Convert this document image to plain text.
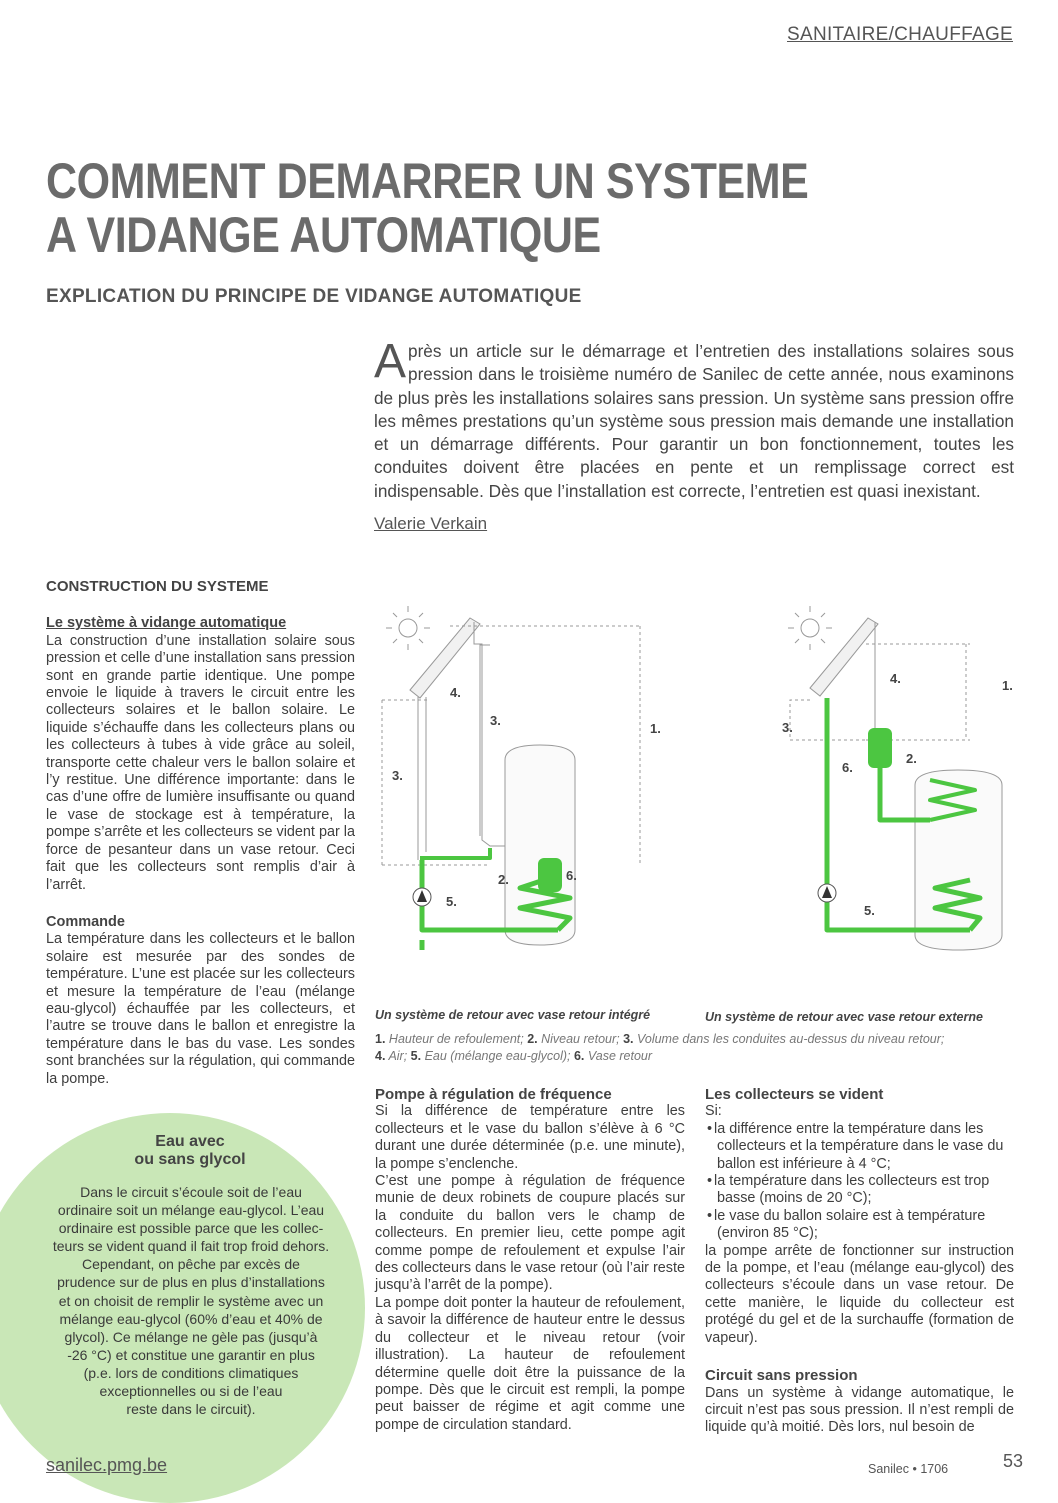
SANITAIRE/CHAUFFAGE
COMMENT DEMARRER UN SYSTEME
A VIDANGE AUTOMATIQUE
EXPLICATION DU PRINCIPE DE VIDANGE AUTOMATIQUE

Après un article sur le démarrage et l’entretien des installations solaires sous pression dans le troisième numéro de Sanilec de cette année, nous examinons de plus près les installations solaires sans pression. Un système sans pression offre les mêmes prestations qu’un système sous pression mais demande une installation et un démarrage différents. Pour garantir un bon fonctionnement, toutes les conduites doivent être placées en pente et un remplissage correct est indispensable. Dès que l’installation est correcte, l’entretien est quasi inexistant.

Valerie Verkain
CONSTRUCTION DU SYSTEME
Le système à vidange automatique

La construction d’une installation solaire sous pression et celle d’une installation sans pression sont en grande partie identique. Une pompe envoie le liquide à travers le circuit entre les collecteurs solaires et le ballon solaire. Le liquide s’échauffe dans les collecteurs plans ou les collecteurs à tubes à vide grâce au soleil, transporte cette chaleur vers le ballon solaire et l’y restitue. Une différence importante: dans le cas d’une offre de lumière insuffisante ou quand le vase de stockage est à température, la pompe s’arrête et les collecteurs se vident par la force de pesanteur dans un vase retour. Ceci fait que les collecteurs sont remplis d’air à l’arrêt.

Commande

La température dans les collecteurs et le ballon solaire est mesurée par des sondes de température. L’une est placée sur les collecteurs et mesure la température de l’eau (mélange eau-glycol) échauffée par les collecteurs, et l’autre se trouve dans le ballon et enregistre la température dans le bas du vase. Les sondes sont branchées sur la régulation, qui commande la pompe.

Eau avec
ou sans glycol
Dans le circuit s’écoule soit de l’eau
ordinaire soit un mélange eau-glycol. L’eau
ordinaire est possible parce que les collec-
teurs se vident quand il fait trop froid dehors.
Cependant, on pêche par excès de
prudence sur de plus en plus d’installations
et on choisit de remplir le système avec un
mélange eau-glycol (60% d’eau et 40% de
glycol). Ce mélange ne gèle pas (jusqu’à
-26 °C) et constitue une garantir en plus
(p.e. lors de conditions climatiques
exceptionnelles ou si de l’eau
reste dans le circuit).
1.
2.
3.
3.
4.
5.
6.
1.
2.
3.
4.
5.
6.
Un système de retour avec vase retour intégré	Un système de retour avec vase retour externe
1. Hauteur de refoulement; 2. Niveau retour; 3. Volume dans les conduites au-dessus du niveau retour;
4. Air; 5. Eau (mélange eau-glycol); 6. Vase retour
Pompe à régulation de fréquence

Si la différence de température entre les collecteurs et le vase du ballon s’élève à 6 °C durant une durée déterminée (p.e. une minute), la pompe s’enclenche.

C’est une pompe à régulation de fréquence munie de deux robinets de coupure placés sur la conduite du ballon vers le champ de collecteurs. En premier lieu, cette pompe agit comme pompe de refoulement et expulse l’air des collecteurs dans le vase retour (où l’air reste jusqu’à l’arrêt de la pompe).

La pompe doit ponter la hauteur de refoulement, à savoir la différence de hauteur entre le dessus du collecteur et le niveau retour (voir illustration). La hauteur de refoulement détermine quelle doit être la puissance de la pompe. Dès que le circuit est rempli, la pompe peut baisser de régime et agit comme une pompe de circulation standard.

Les collecteurs se vident

Si:

• la différence entre la température dans les collecteurs et la température dans le vase du ballon est inférieure à 4 °C;
• la température dans les collecteurs est trop basse (moins de 20 °C);
• le vase du ballon solaire est à température (environ 85 °C);

la pompe arrête de fonctionner sur instruction de la pompe, et l’eau (mélange eau-glycol) des collecteurs s’écoule dans un vase retour. De cette manière, le liquide du collecteur est protégé du gel et de la surchauffe (formation de vapeur).

Circuit sans pression

Dans un système à vidange automatique, le circuit n’est pas sous pression. Il n’est rempli de liquide qu’à moitié. Dès lors, nul besoin de

sanilec.pmg.be	Sanilec • 1706	53
